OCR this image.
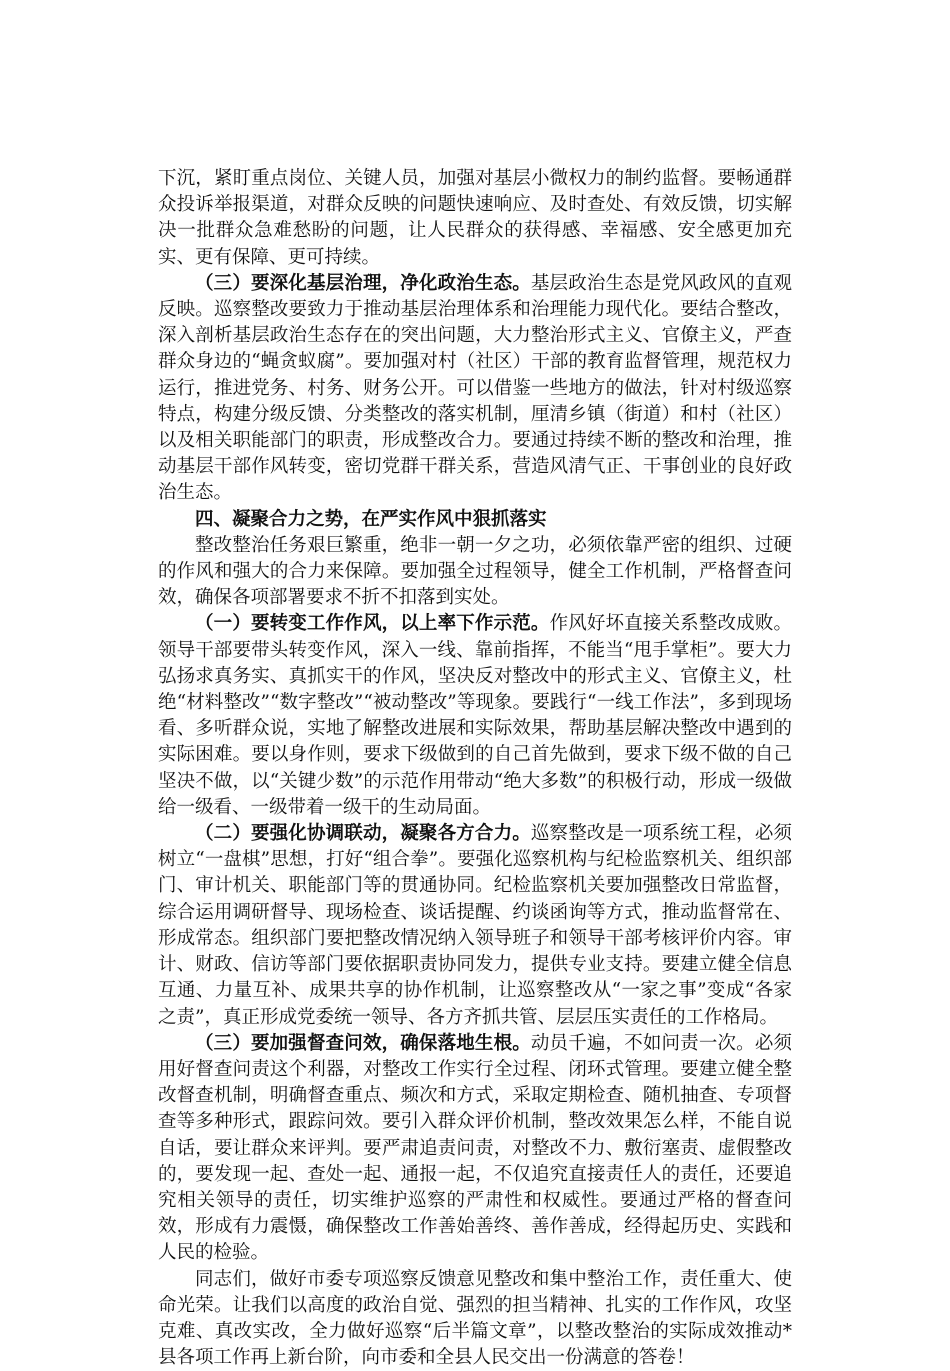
下沉，紧盯重点岗位、关键人员，加强对基层小微权力的制约监督。要畅通群众投诉举报渠道，对群众反映的问题快速响应、及时查处、有效反馈，切实解决一批群众急难愁盼的问题，让人民群众的获得感、幸福感、安全感更加充实、更有保障、更可持续。

（三）要深化基层治理，净化政治生态。基层政治生态是党风政风的直观反映。巡察整改要致力于推动基层治理体系和治理能力现代化。要结合整改，深入剖析基层政治生态存在的突出问题，大力整治形式主义、官僚主义，严查群众身边的“蝇贪蚁腐”。要加强对村（社区）干部的教育监督管理，规范权力运行，推进党务、村务、财务公开。可以借鉴一些地方的做法，针对村级巡察特点，构建分级反馈、分类整改的落实机制，厘清乡镇（街道）和村（社区）以及相关职能部门的职责，形成整改合力。要通过持续不断的整改和治理，推动基层干部作风转变，密切党群干群关系，营造风清气正、干事创业的良好政治生态。

四、凝聚合力之势，在严实作风中狠抓落实

整改整治任务艰巨繁重，绝非一朝一夕之功，必须依靠严密的组织、过硬的作风和强大的合力来保障。要加强全过程领导，健全工作机制，严格督查问效，确保各项部署要求不折不扣落到实处。

（一）要转变工作作风，以上率下作示范。作风好坏直接关系整改成败。领导干部要带头转变作风，深入一线、靠前指挥，不能当“甩手掌柜”。要大力弘扬求真务实、真抓实干的作风，坚决反对整改中的形式主义、官僚主义，杜绝“材料整改”“数字整改”“被动整改”等现象。要践行“一线工作法”，多到现场看、多听群众说，实地了解整改进展和实际效果，帮助基层解决整改中遇到的实际困难。要以身作则，要求下级做到的自己首先做到，要求下级不做的自己坚决不做，以“关键少数”的示范作用带动“绝大多数”的积极行动，形成一级做给一级看、一级带着一级干的生动局面。

（二）要强化协调联动，凝聚各方合力。巡察整改是一项系统工程，必须树立“一盘棋”思想，打好“组合拳”。要强化巡察机构与纪检监察机关、组织部门、审计机关、职能部门等的贯通协同。纪检监察机关要加强整改日常监督，综合运用调研督导、现场检查、谈话提醒、约谈函询等方式，推动监督常在、形成常态。组织部门要把整改情况纳入领导班子和领导干部考核评价内容。审计、财政、信访等部门要依据职责协同发力，提供专业支持。要建立健全信息互通、力量互补、成果共享的协作机制，让巡察整改从“一家之事”变成“各家之责”，真正形成党委统一领导、各方齐抓共管、层层压实责任的工作格局。

（三）要加强督查问效，确保落地生根。动员千遍，不如问责一次。必须用好督查问责这个利器，对整改工作实行全过程、闭环式管理。要建立健全整改督查机制，明确督查重点、频次和方式，采取定期检查、随机抽查、专项督查等多种形式，跟踪问效。要引入群众评价机制，整改效果怎么样，不能自说自话，要让群众来评判。要严肃追责问责，对整改不力、敷衍塞责、虚假整改的，要发现一起、查处一起、通报一起，不仅追究直接责任人的责任，还要追究相关领导的责任，切实维护巡察的严肃性和权威性。要通过严格的督查问效，形成有力震慑，确保整改工作善始善终、善作善成，经得起历史、实践和人民的检验。

同志们，做好市委专项巡察反馈意见整改和集中整治工作，责任重大、使命光荣。让我们以高度的政治自觉、强烈的担当精神、扎实的工作作风，攻坚克难、真改实改，全力做好巡察“后半篇文章”，以整改整治的实际成效推动*县各项工作再上新台阶，向市委和全县人民交出一份满意的答卷！
